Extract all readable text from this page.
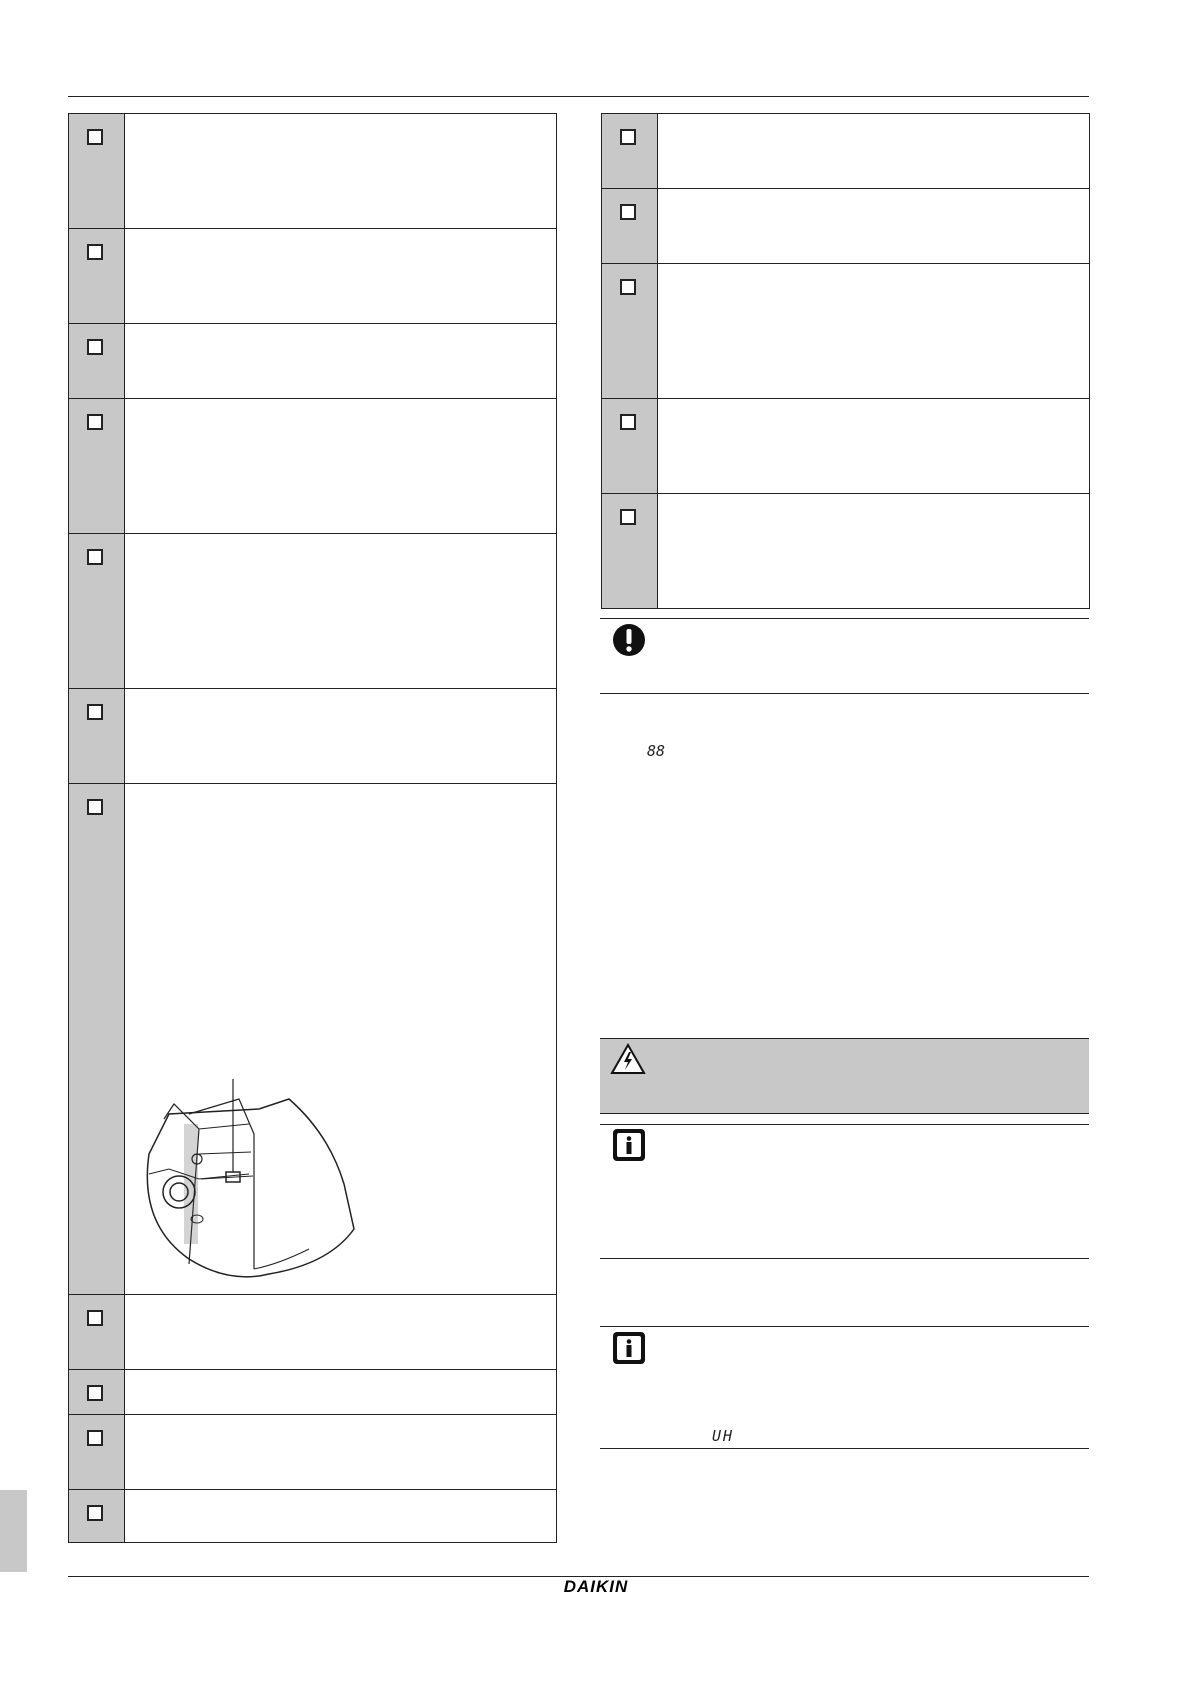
88
UH
DAIKIN
